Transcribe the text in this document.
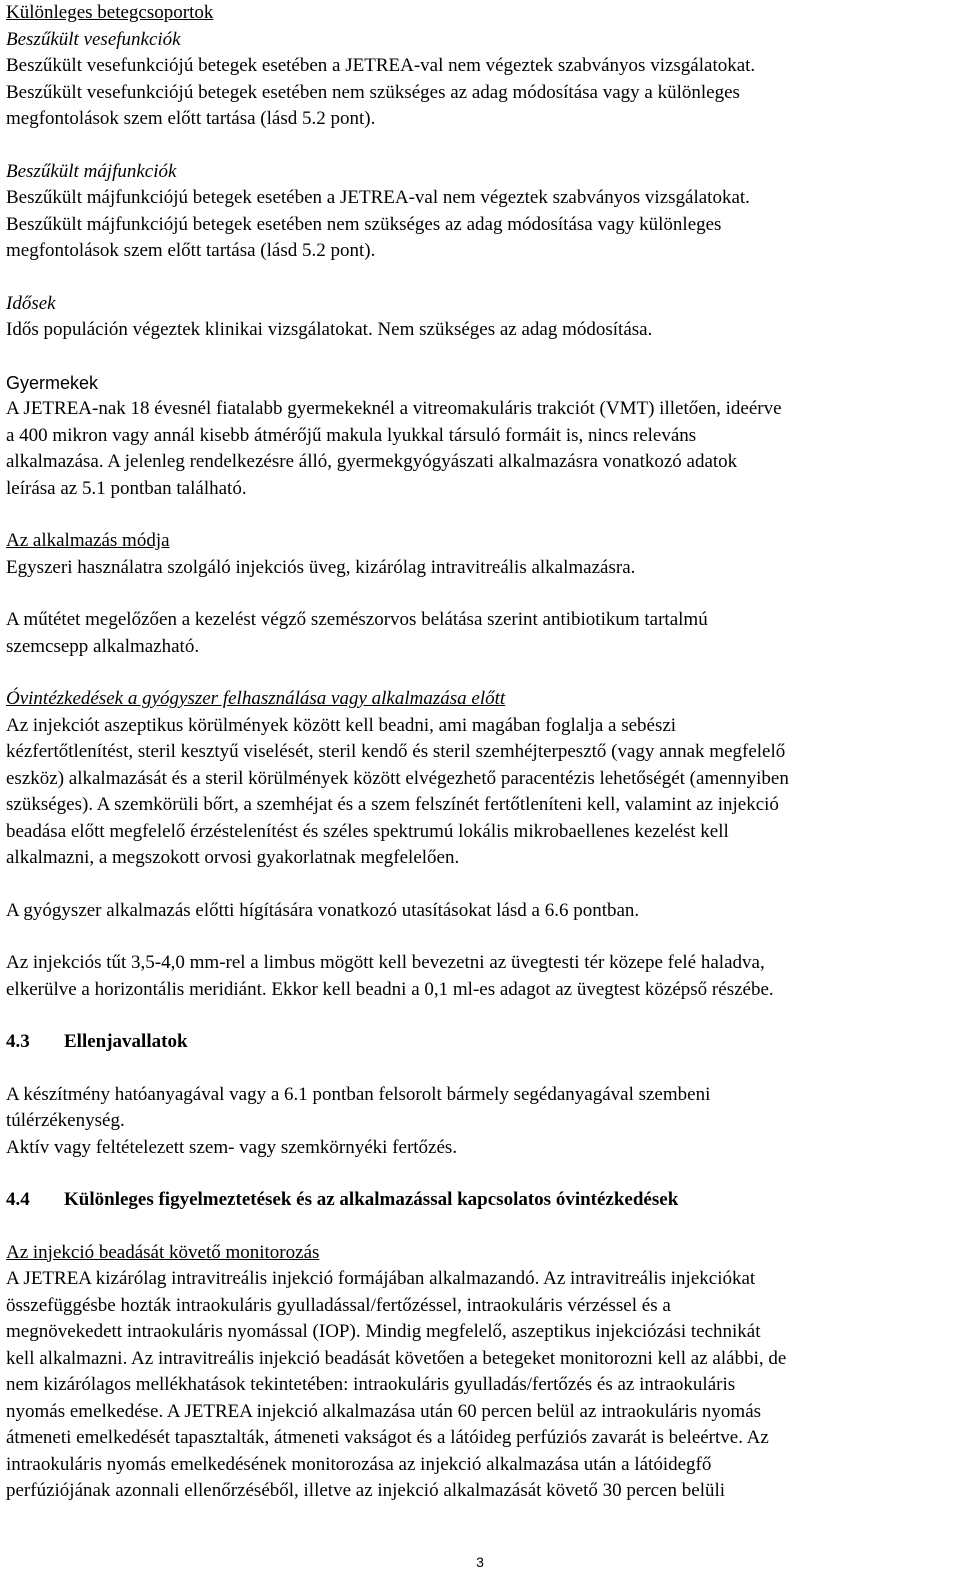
Különleges betegcsoportok

Beszűkült vesefunkciók

Beszűkült vesefunkciójú betegek esetében a JETREA-val nem végeztek szabványos vizsgálatokat.

Beszűkült vesefunkciójú betegek esetében nem szükséges az adag módosítása vagy a különleges

megfontolások szem előtt tartása (lásd 5.2 pont).

Beszűkült májfunkciók

Beszűkült májfunkciójú betegek esetében a JETREA-val nem végeztek szabványos vizsgálatokat.

Beszűkült májfunkciójú betegek esetében nem szükséges az adag módosítása vagy különleges

megfontolások szem előtt tartása (lásd 5.2 pont).

Idősek

Idős populáción végeztek klinikai vizsgálatokat. Nem szükséges az adag módosítása.

Gyermekek

A JETREA-nak 18 évesnél fiatalabb gyermekeknél a vitreomakuláris trakciót (VMT) illetően, ideérve

a 400 mikron vagy annál kisebb átmérőjű makula lyukkal társuló formáit is, nincs releváns

alkalmazása. A jelenleg rendelkezésre álló, gyermekgyógyászati alkalmazásra vonatkozó adatok

leírása az 5.1 pontban található.

Az alkalmazás módja

Egyszeri használatra szolgáló injekciós üveg, kizárólag intravitreális alkalmazásra.

A műtétet megelőzően a kezelést végző szemészorvos belátása szerint antibiotikum tartalmú

szemcsepp alkalmazható.

Óvintézkedések a gyógyszer felhasználása vagy alkalmazása előtt

Az injekciót aszeptikus körülmények között kell beadni, ami magában foglalja a sebészi

kézfertőtlenítést, steril kesztyű viselését, steril kendő és steril szemhéjterpesztő (vagy annak megfelelő

eszköz) alkalmazását és a steril körülmények között elvégezhető paracentézis lehetőségét (amennyiben

szükséges). A szemkörüli bőrt, a szemhéjat és a szem felszínét fertőtleníteni kell, valamint az injekció

beadása előtt megfelelő érzéstelenítést és széles spektrumú lokális mikrobaellenes kezelést kell

alkalmazni, a megszokott orvosi gyakorlatnak megfelelően.

A gyógyszer alkalmazás előtti hígítására vonatkozó utasításokat lásd a 6.6 pontban.

Az injekciós tűt 3,5-4,0 mm-rel a limbus mögött kell bevezetni az üvegtesti tér közepe felé haladva,

elkerülve a horizontális meridiánt. Ekkor kell beadni a 0,1 ml-es adagot az üvegtest középső részébe.

4.3	Ellenjavallatok

A készítmény hatóanyagával vagy a 6.1 pontban felsorolt bármely segédanyagával szembeni

túlérzékenység.

Aktív vagy feltételezett szem- vagy szemkörnyéki fertőzés.

4.4	Különleges figyelmeztetések és az alkalmazással kapcsolatos óvintézkedések

Az injekció beadását követő monitorozás

A JETREA kizárólag intravitreális injekció formájában alkalmazandó. Az intravitreális injekciókat

összefüggésbe hozták intraokuláris gyulladással/fertőzéssel, intraokuláris vérzéssel és a

megnövekedett intraokuláris nyomással (IOP). Mindig megfelelő, aszeptikus injekciózási technikát

kell alkalmazni. Az intravitreális injekció beadását követően a betegeket monitorozni kell az alábbi, de

nem kizárólagos mellékhatások tekintetében: intraokuláris gyulladás/fertőzés és az intraokuláris

nyomás emelkedése. A JETREA injekció alkalmazása után 60 percen belül az intraokuláris nyomás

átmeneti emelkedését tapasztalták, átmeneti vakságot és a látóideg perfúziós zavarát is beleértve. Az

intraokuláris nyomás emelkedésének monitorozása az injekció alkalmazása után a látóidegfő

perfúziójának azonnali ellenőrzéséből, illetve az injekció alkalmazását követő 30 percen belüli

3
